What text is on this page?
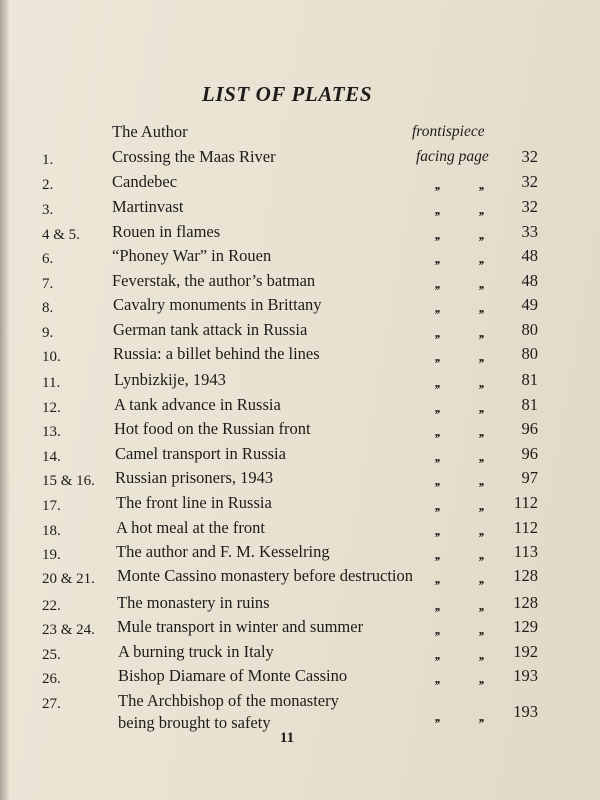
LIST OF PLATES
The Author	frontispiece
1.	Crossing the Maas River	facing page	32
2.	Candebec	,,	,,	32
3.	Martinvast	,,	,,	32
4 & 5.	Rouen in flames	,,	,,	33
6.	“Phoney War” in Rouen	,,	,,	48
7.	Feverstak, the author’s batman	,,	,,	48
8.	Cavalry monuments in Brittany	,,	,,	49
9.	German tank attack in Russia	,,	,,	80
10.	Russia: a billet behind the lines	,,	,,	80
11.	Lynbizkije, 1943	,,	,,	81
12.	A tank advance in Russia	,,	,,	81
13.	Hot food on the Russian front	,,	,,	96
14.	Camel transport in Russia	,,	,,	96
15 & 16.	Russian prisoners, 1943	,,	,,	97
17.	The front line in Russia	,,	,,	112
18.	A hot meal at the front	,,	,,	112
19.	The author and F. M. Kesselring	,,	,,	113
20 & 21.	Monte Cassino monastery before destruction	,,	,,	128
22.	The monastery in ruins	,,	,,	128
23 & 24.	Mule transport in winter and summer	,,	,,	129
25.	A burning truck in Italy	,,	,,	192
26.	Bishop Diamare of Monte Cassino	,,	,,	193
27.	The Archbishop of the monastery
being brought to safety	,,	,,	193
11
